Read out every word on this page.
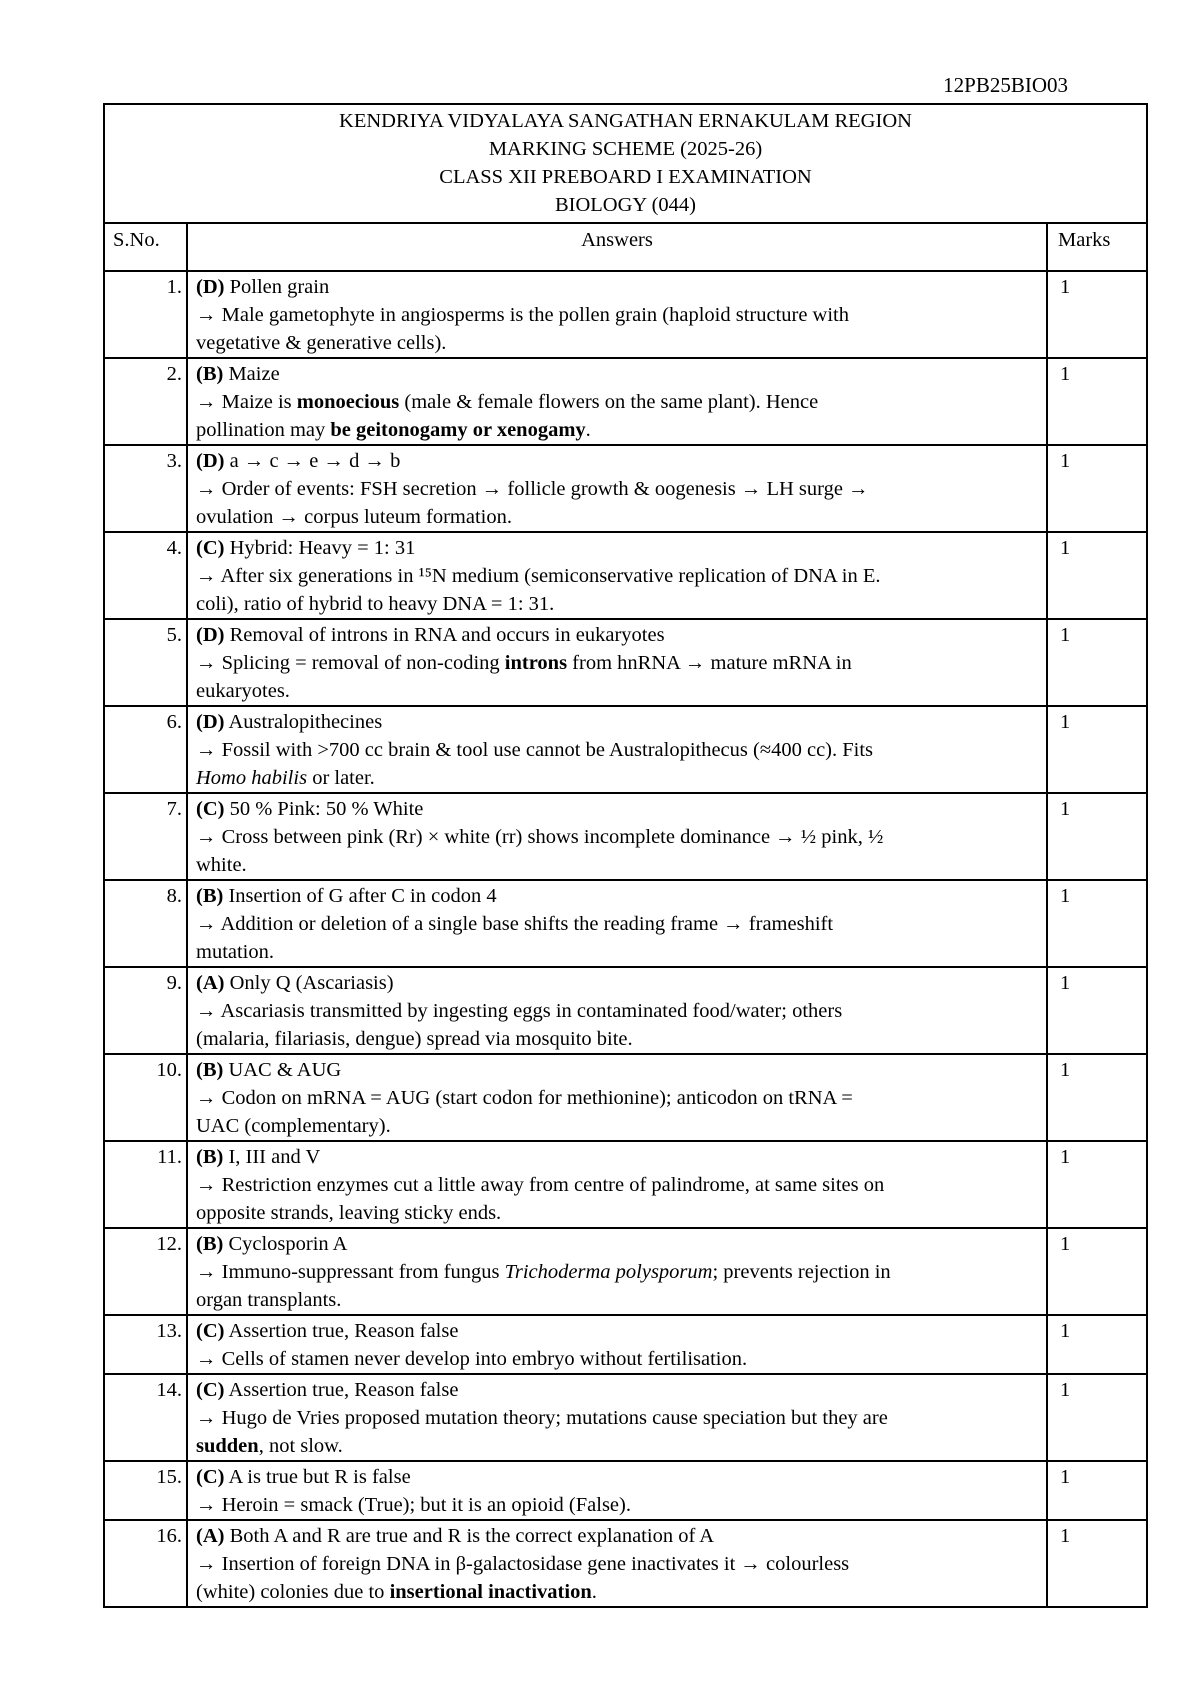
12PB25BIO03
KENDRIYA VIDYALAYA SANGATHAN ERNAKULAM REGION
MARKING SCHEME (2025-26)
CLASS XII PREBOARD I EXAMINATION
BIOLOGY (044)		

S.No.	Answers	Marks
1.	(D) Pollen grain
→ Male gametophyte in angiosperms is the pollen grain (haploid structure with
vegetative & generative cells).	1
2.	(B) Maize
→ Maize is monoecious (male & female flowers on the same plant). Hence
pollination may be geitonogamy or xenogamy.	1
3.	(D) a → c → e → d → b
→ Order of events: FSH secretion → follicle growth & oogenesis → LH surge →
ovulation → corpus luteum formation.	1
4.	(C) Hybrid: Heavy = 1: 31
→ After six generations in ¹⁵N medium (semiconservative replication of DNA in E.
coli), ratio of hybrid to heavy DNA = 1: 31.	1
5.	(D) Removal of introns in RNA and occurs in eukaryotes
→ Splicing = removal of non-coding introns from hnRNA → mature mRNA in
eukaryotes.	1
6.	(D) Australopithecines
→ Fossil with >700 cc brain & tool use cannot be Australopithecus (≈400 cc). Fits
Homo habilis or later.	1
7.	(C) 50 % Pink: 50 % White
→ Cross between pink (Rr) × white (rr) shows incomplete dominance → ½ pink, ½
white.	1
8.	(B) Insertion of G after C in codon 4
→ Addition or deletion of a single base shifts the reading frame → frameshift
mutation.	1
9.	(A) Only Q (Ascariasis)
→ Ascariasis transmitted by ingesting eggs in contaminated food/water; others
(malaria, filariasis, dengue) spread via mosquito bite.	1
10.	(B) UAC & AUG
→ Codon on mRNA = AUG (start codon for methionine); anticodon on tRNA =
UAC (complementary).	1
11.	(B) I, III and V
→ Restriction enzymes cut a little away from centre of palindrome, at same sites on
opposite strands, leaving sticky ends.	1
12.	(B) Cyclosporin A
→ Immuno-suppressant from fungus Trichoderma polysporum; prevents rejection in
organ transplants.	1
13.	(C) Assertion true, Reason false
→ Cells of stamen never develop into embryo without fertilisation.	1
14.	(C) Assertion true, Reason false
→ Hugo de Vries proposed mutation theory; mutations cause speciation but they are
sudden, not slow.	1
15.	(C) A is true but R is false
→ Heroin = smack (True); but it is an opioid (False).	1
16.	(A) Both A and R are true and R is the correct explanation of A
→ Insertion of foreign DNA in β-galactosidase gene inactivates it → colourless
(white) colonies due to insertional inactivation.	1
